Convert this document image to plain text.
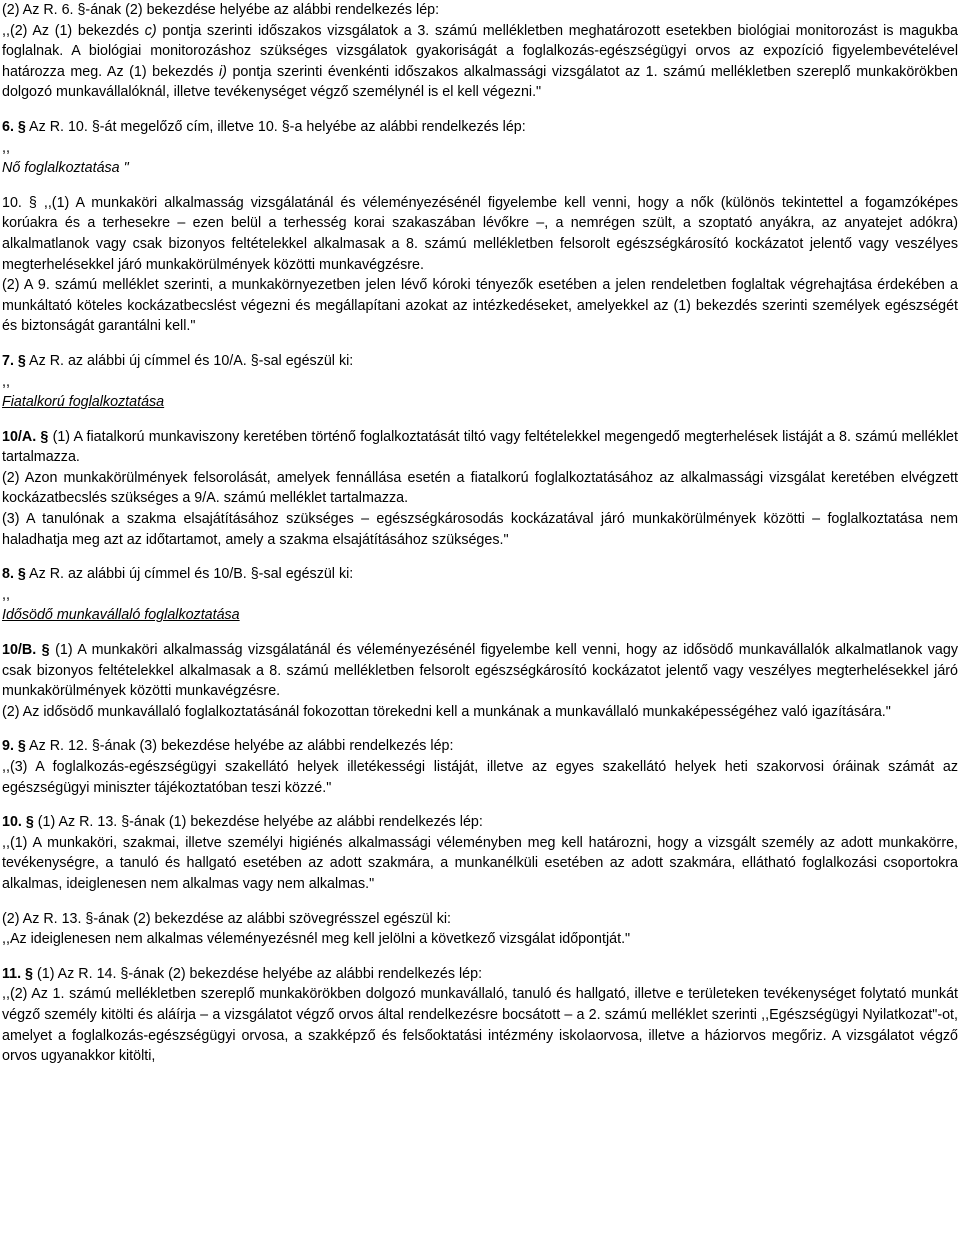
(2) Az R. 6. §-ának (2) bekezdése helyébe az alábbi rendelkezés lép:

,,(2) Az (1) bekezdés c) pontja szerinti időszakos vizsgálatok a 3. számú mellékletben meghatározott esetekben biológiai monitorozást is magukba foglalnak. A biológiai monitorozáshoz szükséges vizsgálatok gyakoriságát a foglalkozás-egészségügyi orvos az expozíció figyelembevételével határozza meg. Az (1) bekezdés i) pontja szerinti évenkénti időszakos alkalmassági vizsgálatot az 1. számú mellékletben szereplő munkakörökben dolgozó munkavállalóknál, illetve tevékenységet végző személynél is el kell végezni."

6. § Az R. 10. §-át megelőző cím, illetve 10. §-a helyébe az alábbi rendelkezés lép:

,,

Nő foglalkoztatása "

10. § ,,(1) A munkaköri alkalmasság vizsgálatánál és véleményezésénél figyelembe kell venni, hogy a nők (különös tekintettel a fogamzóképes korúakra és a terhesekre – ezen belül a terhesség korai szakaszában lévőkre –, a nemrégen szült, a szoptató anyákra, az anyatejet adókra) alkalmatlanok vagy csak bizonyos feltételekkel alkalmasak a 8. számú mellékletben felsorolt egészségkárosító kockázatot jelentő vagy veszélyes megterhelésekkel járó munkakörülmények közötti munkavégzésre.

(2) A 9. számú melléklet szerinti, a munkakörnyezetben jelen lévő kóroki tényezők esetében a jelen rendeletben foglaltak végrehajtása érdekében a munkáltató köteles kockázatbecslést végezni és megállapítani azokat az intézkedéseket, amelyekkel az (1) bekezdés szerinti személyek egészségét és biztonságát garantálni kell."

7. § Az R. az alábbi új címmel és 10/A. §-sal egészül ki:

,,

Fiatalkorú foglalkoztatása

10/A. § (1) A fiatalkorú munkaviszony keretében történő foglalkoztatását tiltó vagy feltételekkel megengedő megterhelések listáját a 8. számú melléklet tartalmazza.

(2) Azon munkakörülmények felsorolását, amelyek fennállása esetén a fiatalkorú foglalkoztatásához az alkalmassági vizsgálat keretében elvégzett kockázatbecslés szükséges a 9/A. számú melléklet tartalmazza.

(3) A tanulónak a szakma elsajátításához szükséges – egészségkárosodás kockázatával járó munkakörülmények közötti – foglalkoztatása nem haladhatja meg azt az időtartamot, amely a szakma elsajátításához szükséges."

8. § Az R. az alábbi új címmel és 10/B. §-sal egészül ki:

,,

Idősödő munkavállaló foglalkoztatása

10/B. § (1) A munkaköri alkalmasság vizsgálatánál és véleményezésénél figyelembe kell venni, hogy az idősödő munkavállalók alkalmatlanok vagy csak bizonyos feltételekkel alkalmasak a 8. számú mellékletben felsorolt egészségkárosító kockázatot jelentő vagy veszélyes megterhelésekkel járó munkakörülmények közötti munkavégzésre.

(2) Az idősödő munkavállaló foglalkoztatásánál fokozottan törekedni kell a munkának a munkavállaló munkaképességéhez való igazítására."

9. § Az R. 12. §-ának (3) bekezdése helyébe az alábbi rendelkezés lép:

,,(3) A foglalkozás-egészségügyi szakellátó helyek illetékességi listáját, illetve az egyes szakellátó helyek heti szakorvosi óráinak számát az egészségügyi miniszter tájékoztatóban teszi közzé."

10. § (1) Az R. 13. §-ának (1) bekezdése helyébe az alábbi rendelkezés lép:

,,(1) A munkaköri, szakmai, illetve személyi higiénés alkalmassági véleményben meg kell határozni, hogy a vizsgált személy az adott munkakörre, tevékenységre, a tanuló és hallgató esetében az adott szakmára, a munkanélküli esetében az adott szakmára, ellátható foglalkozási csoportokra alkalmas, ideiglenesen nem alkalmas vagy nem alkalmas."

(2) Az R. 13. §-ának (2) bekezdése az alábbi szövegrésszel egészül ki:

,,Az ideiglenesen nem alkalmas véleményezésnél meg kell jelölni a következő vizsgálat időpontját."

11. § (1) Az R. 14. §-ának (2) bekezdése helyébe az alábbi rendelkezés lép:

,,(2) Az 1. számú mellékletben szereplő munkakörökben dolgozó munkavállaló, tanuló és hallgató, illetve e területeken tevékenységet folytató munkát végző személy kitölti és aláírja – a vizsgálatot végző orvos által rendelkezésre bocsátott – a 2. számú melléklet szerinti ,,Egészségügyi Nyilatkozat"-ot, amelyet a foglalkozás-egészségügyi orvosa, a szakképző és felsőoktatási intézmény iskolaorvosa, illetve a háziorvos megőriz. A vizsgálatot végző orvos ugyanakkor kitölti,
